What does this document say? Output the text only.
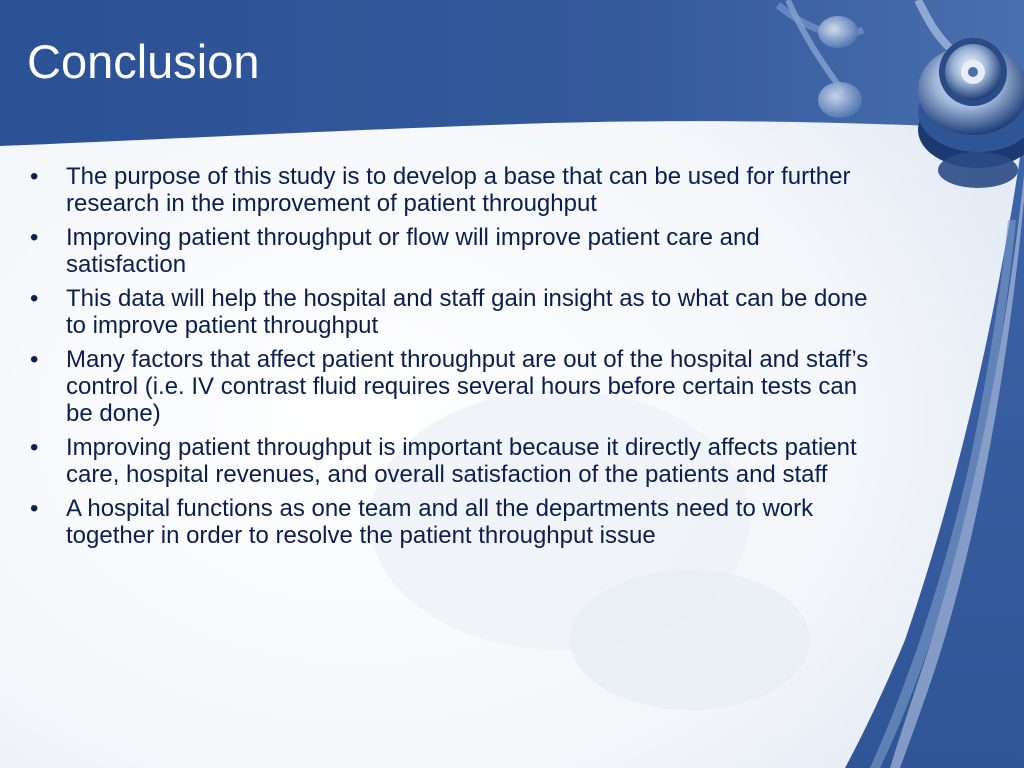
Conclusion
• The purpose of this study is to develop a base that can be used for further research in the improvement of patient throughput
• Improving patient throughput or flow will improve patient care and satisfaction
• This data will help the hospital and staff gain insight as to what can be done to improve patient throughput
• Many factors that affect patient throughput are out of the hospital and staff’s control (i.e. IV contrast fluid requires several hours before certain tests can be done)
• Improving patient throughput is important because it directly affects patient care, hospital revenues, and overall satisfaction of the patients and staff
• A hospital functions as one team and all the departments need to work together in order to resolve the patient throughput issue
